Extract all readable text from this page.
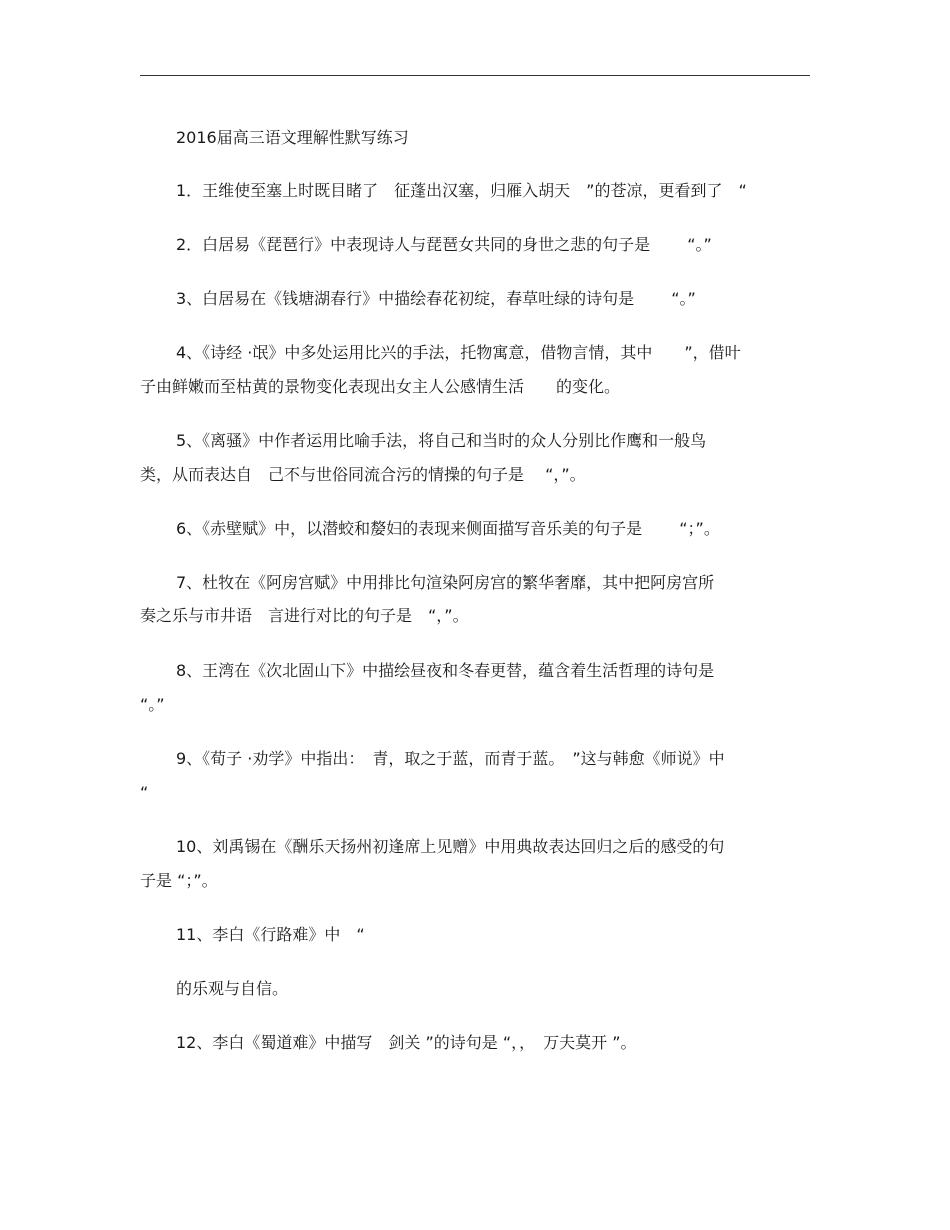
2016届高三语文理解性默写练习
1．王维使至塞上时既目睹了　征蓬出汉塞，归雁入胡天　”的苍凉，更看到了　“
2．白居易《琵琶行》中表现诗人与琵琶女共同的身世之悲的句子是　　 “。”
3、白居易在《钱塘湖春行》中描绘春花初绽，春草吐绿的诗句是　　 “。”
4、《诗经 ·氓》中多处运用比兴的手法，托物寓意，借物言情，其中　　”，借叶
子由鲜嫩而至枯黄的景物变化表现出女主人公感情生活　　的变化。
5、《离骚》中作者运用比喻手法，将自己和当时的众人分别比作鹰和一般鸟
类，从而表达自　己不与世俗同流合污的情操的句子是　 “，”。
6、《赤壁赋》中，以潜蛟和嫠妇的表现来侧面描写音乐美的句子是　　 “；”。
7、杜牧在《阿房宫赋》中用排比句渲染阿房宫的繁华奢靡，其中把阿房宫所
奏之乐与市井语　言进行对比的句子是　“，”。
8、王湾在《次北固山下》中描绘昼夜和冬春更替，蕴含着生活哲理的诗句是
“。”
9、《荀子 ·劝学》中指出：　青，取之于蓝，而青于蓝。　”这与韩愈《师说》中
“
10、刘禹锡在《酬乐天扬州初逢席上见赠》中用典故表达回归之后的感受的句
子是 “；”。
11、李白《行路难》中　“
的乐观与自信。
12、李白《蜀道难》中描写　剑关 ”的诗句是 “，，　万夫莫开 ”。
